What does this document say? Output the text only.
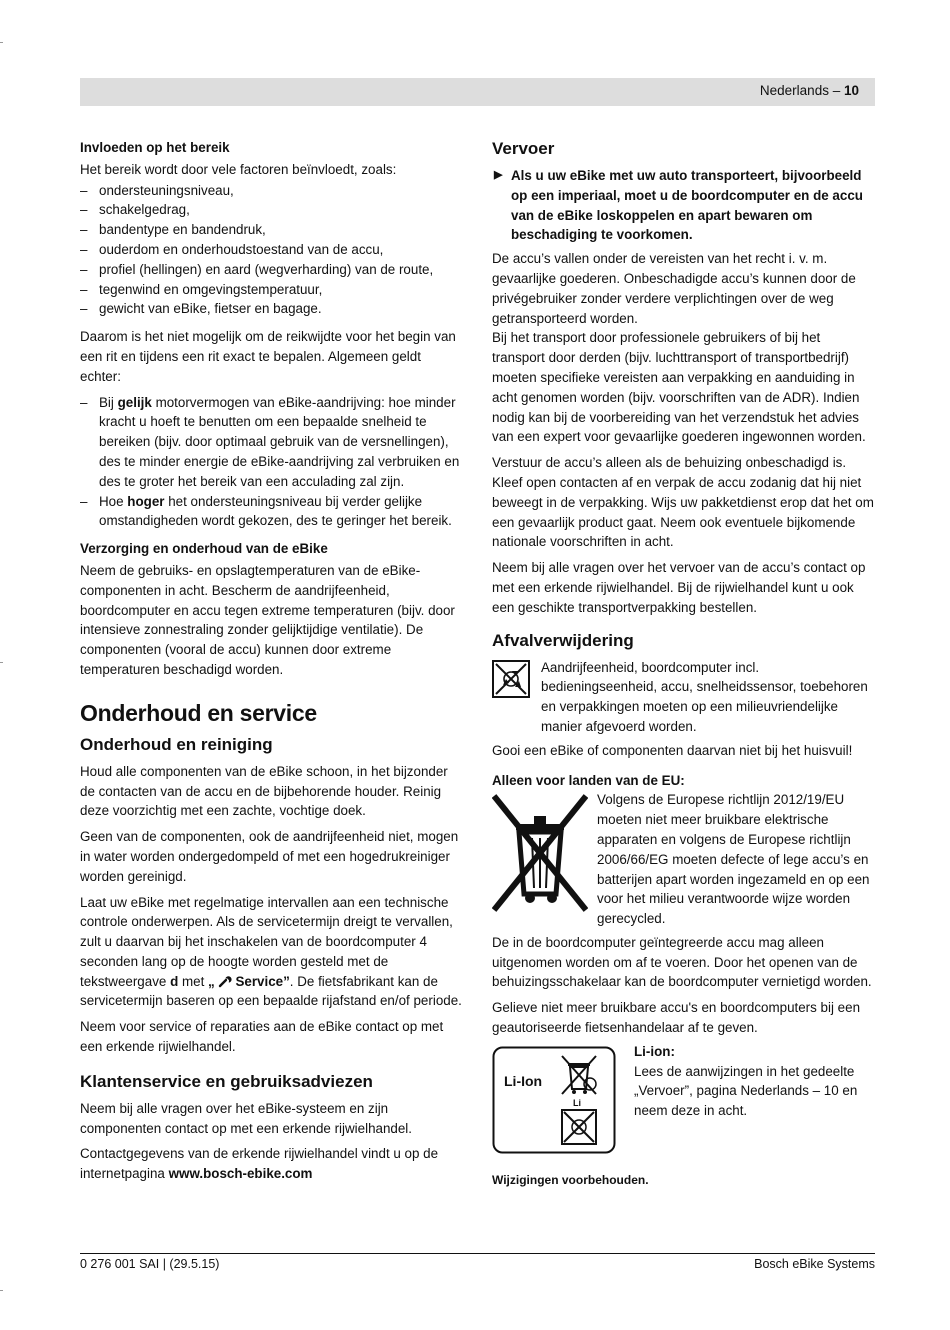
Nederlands – 10
Invloeden op het bereik

Het bereik wordt door vele factoren beïnvloedt, zoals:

– ondersteuningsniveau,
– schakelgedrag,
– bandentype en bandendruk,
– ouderdom en onderhoudstoestand van de accu,
– profiel (hellingen) en aard (wegverharding) van de route,
– tegenwind en omgevingstemperatuur,
– gewicht van eBike, fietser en bagage.

Daarom is het niet mogelijk om de reikwijdte voor het begin van een rit en tijdens een rit exact te bepalen. Algemeen geldt echter:

– Bij gelijk motorvermogen van eBike-aandrijving: hoe minder kracht u hoeft te benutten om een bepaalde snelheid te bereiken (bijv. door optimaal gebruik van de versnellingen), des te minder energie de eBike-aandrijving zal verbruiken en des te groter het bereik van een acculading zal zijn.
– Hoe hoger het ondersteuningsniveau bij verder gelijke omstandigheden wordt gekozen, des te geringer het bereik.
Verzorging en onderhoud van de eBike

Neem de gebruiks- en opslagtemperaturen van de eBike-componenten in acht. Bescherm de aandrijfeenheid, boordcomputer en accu tegen extreme temperaturen (bijv. door intensieve zonnestraling zonder gelijktijdige ventilatie). De componenten (vooral de accu) kunnen door extreme temperaturen beschadigd worden.

Onderhoud en service
Onderhoud en reiniging

Houd alle componenten van de eBike schoon, in het bijzonder de contacten van de accu en de bijbehorende houder. Reinig deze voorzichtig met een zachte, vochtige doek.

Geen van de componenten, ook de aandrijfeenheid niet, mogen in water worden ondergedompeld of met een hogedrukreiniger worden gereinigd.

Laat uw eBike met regelmatige intervallen aan een technische controle onderwerpen. Als de servicetermijn dreigt te vervallen, zult u daarvan bij het inschakelen van de boordcomputer 4 seconden lang op de hoogte worden gesteld met de tekstweergave d met „ Service”. De fietsfabrikant kan de servicetermijn baseren op een bepaalde rijafstand en/of periode.

Neem voor service of reparaties aan de eBike contact op met een erkende rijwielhandel.

Klantenservice en gebruiksadviezen

Neem bij alle vragen over het eBike-systeem en zijn componenten contact op met een erkende rijwielhandel.

Contactgegevens van de erkende rijwielhandel vindt u op de internetpagina www.bosch-ebike.com

Vervoer
▶ Als u uw eBike met uw auto transporteert, bijvoorbeeld op een imperiaal, moet u de boordcomputer en de accu van de eBike loskoppelen en apart bewaren om beschadiging te voorkomen.

De accu’s vallen onder de vereisten van het recht i. v. m. gevaarlijke goederen. Onbeschadigde accu’s kunnen door de privégebruiker zonder verdere verplichtingen over de weg getransporteerd worden.

Bij het transport door professionele gebruikers of bij het transport door derden (bijv. luchttransport of transportbedrijf) moeten specifieke vereisten aan verpakking en aanduiding in acht genomen worden (bijv. voorschriften van de ADR). Indien nodig kan bij de voorbereiding van het verzendstuk het advies van een expert voor gevaarlijke goederen ingewonnen worden.

Verstuur de accu’s alleen als de behuizing onbeschadigd is. Kleef open contacten af en verpak de accu zodanig dat hij niet beweegt in de verpakking. Wijs uw pakketdienst erop dat het om een gevaarlijk product gaat. Neem ook eventuele bijkomende nationale voorschriften in acht.

Neem bij alle vragen over het vervoer van de accu’s contact op met een erkende rijwielhandel. Bij de rijwielhandel kunt u ook een geschikte transportverpakking bestellen.

Afvalverwijdering

Aandrijfeenheid, boordcomputer incl. bedieningseenheid, accu, snelheidssensor, toebehoren en verpakkingen moeten op een milieuvriendelijke manier afgevoerd worden.

Gooi een eBike of componenten daarvan niet bij het huisvuil!

Alleen voor landen van de EU:

Volgens de Europese richtlijn 2012/19/EU moeten niet meer bruikbare elektrische apparaten en volgens de Europese richtlijn 2006/66/EG moeten defecte of lege accu’s en batterijen apart worden ingezameld en op een voor het milieu verantwoorde wijze worden gerecycled.

De in de boordcomputer geïntegreerde accu mag alleen uitgenomen worden om af te voeren. Door het openen van de behuizingsschakelaar kan de boordcomputer vernietigd worden.

Gelieve niet meer bruikbare accu's en boordcomputers bij een geautoriseerde fietsenhandelaar af te geven.

Li-Ion
Li
Li-ion:

Lees de aanwijzingen in het gedeelte „Vervoer”, pagina Nederlands – 10 en neem deze in acht.

Wijzigingen voorbehouden.
0 276 001 SAI | (29.5.15)	Bosch eBike Systems
